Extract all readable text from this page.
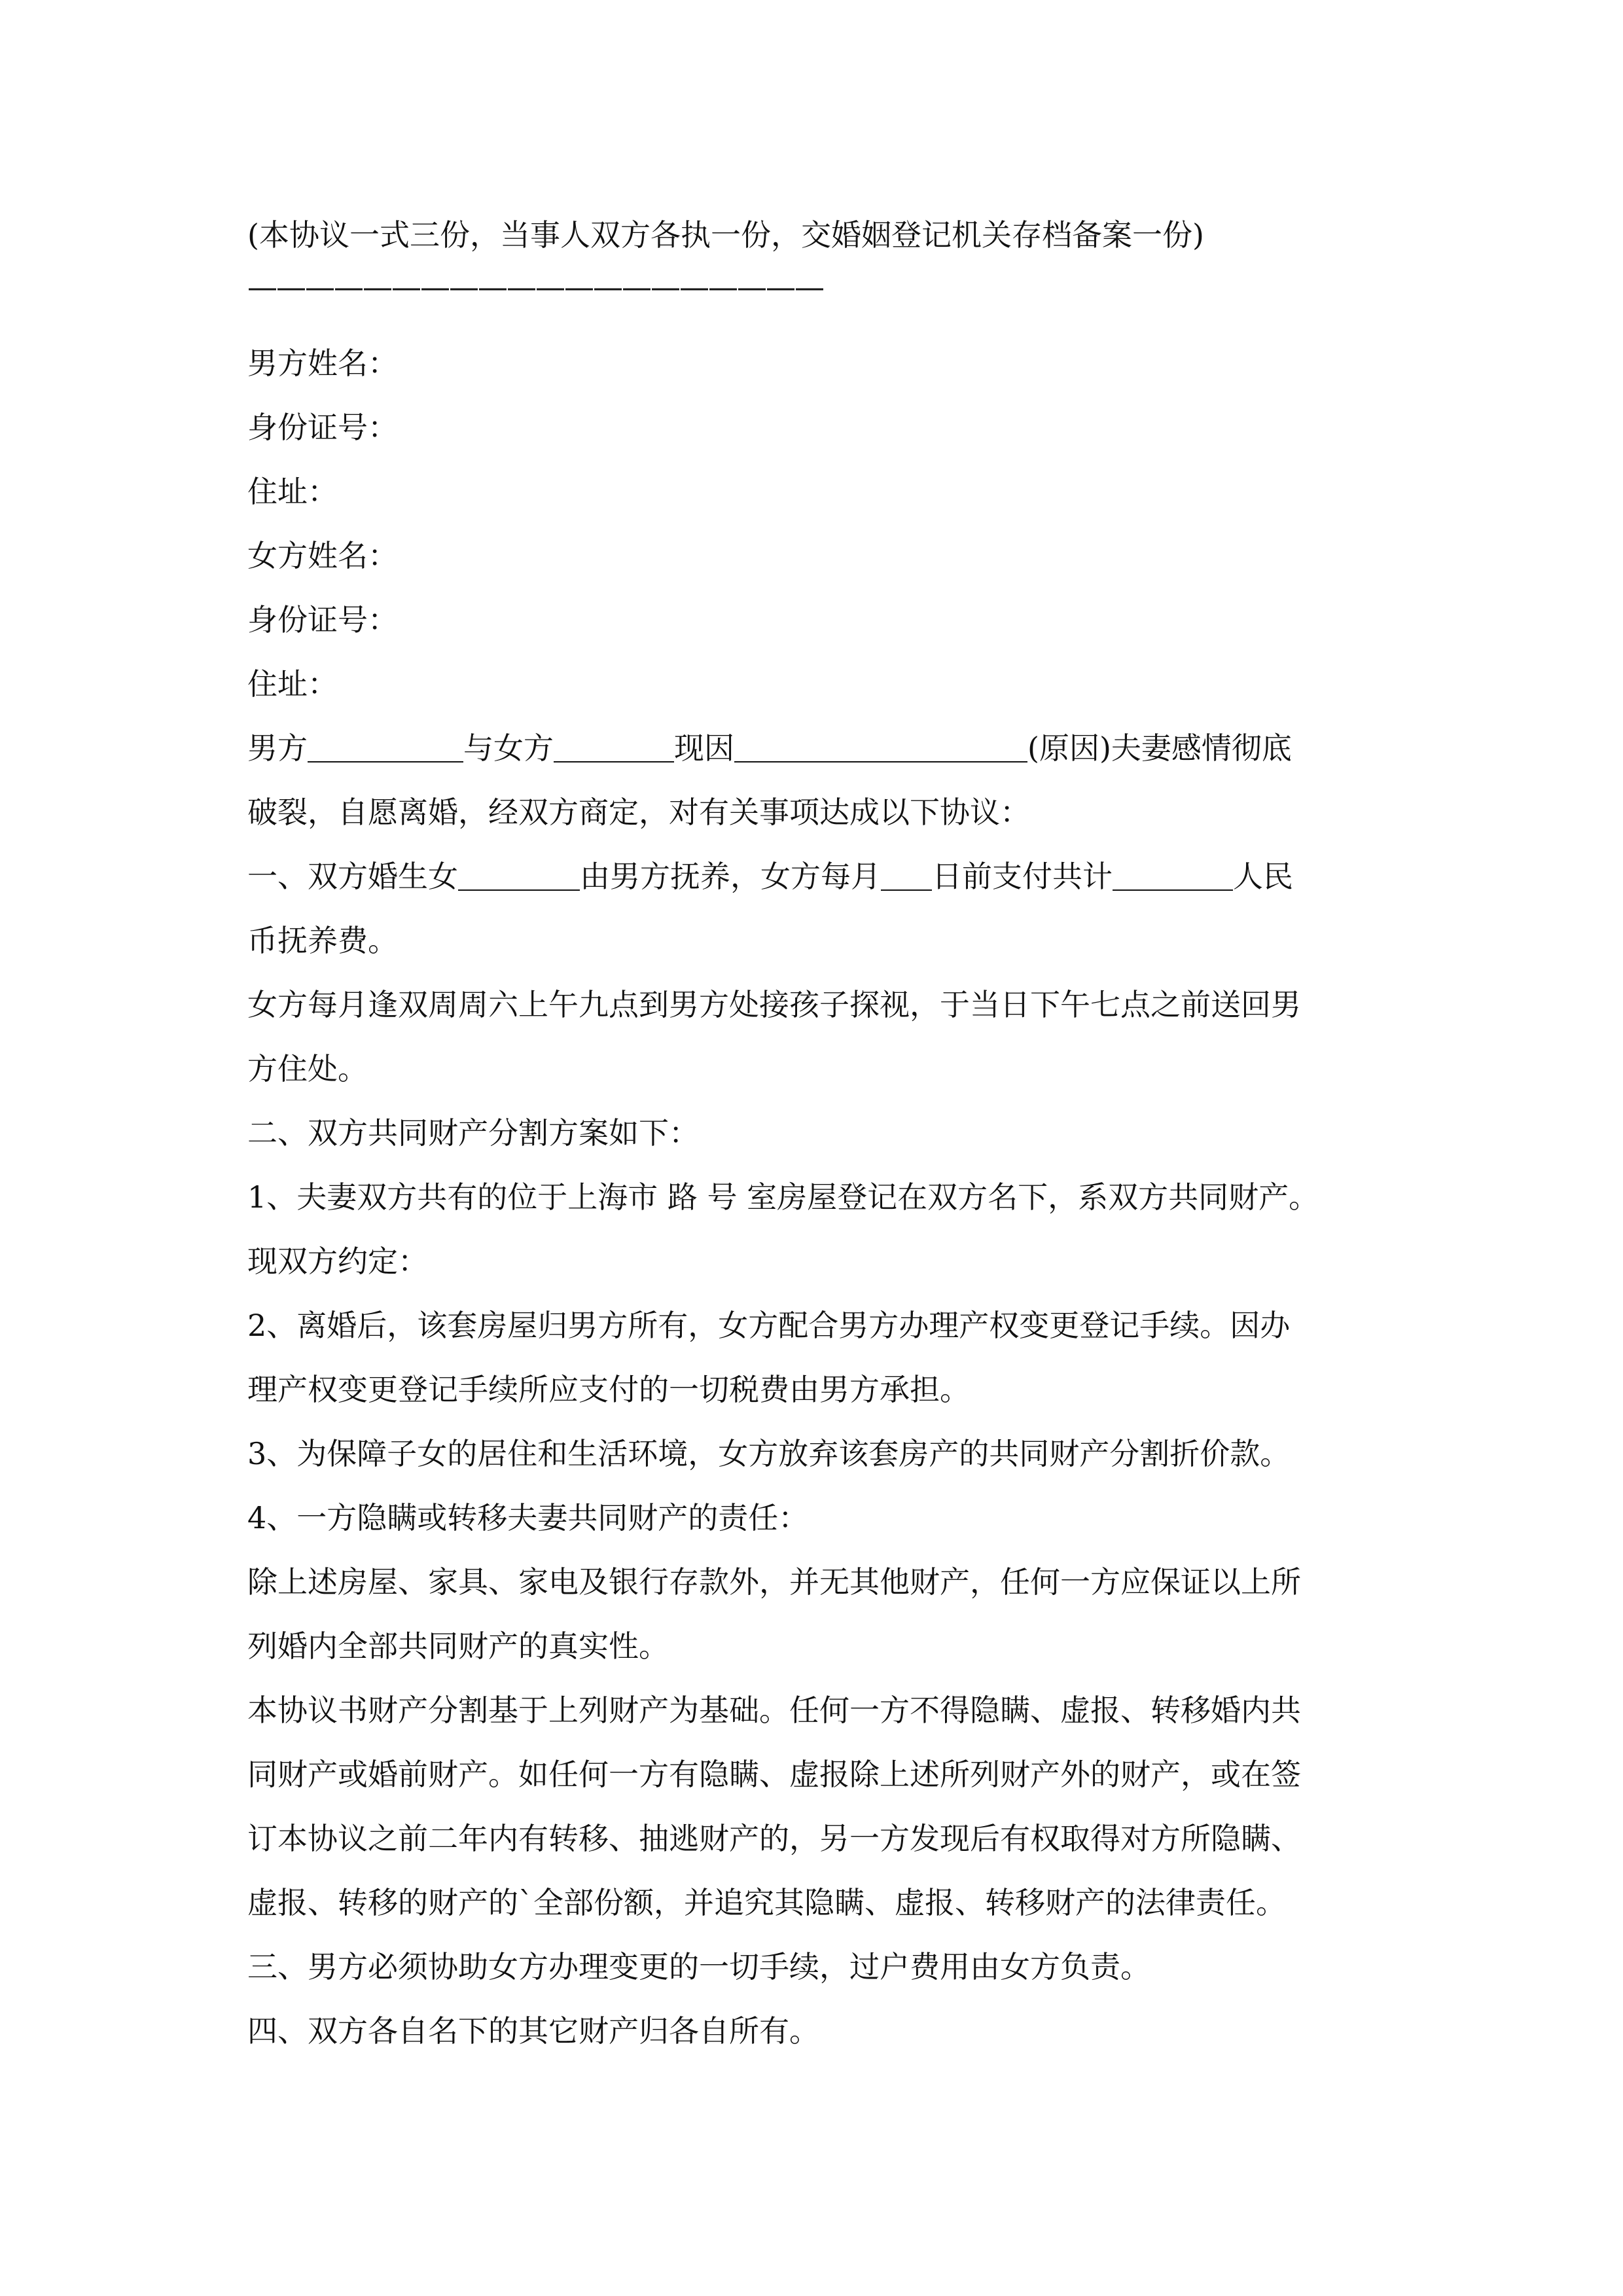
(本协议一式三份，当事人双方各执一份，交婚姻登记机关存档备案一份)
————————————————————
男方姓名：
身份证号：
住址：
女方姓名：
身份证号：
住址：
男方	与女方	现因	(原因)夫妻感情彻底
破裂，自愿离婚，经双方商定，对有关事项达成以下协议：
一、双方婚生女	由男方抚养，女方每月 日前支付共计	人民
币抚养费。
女方每月逢双周周六上午九点到男方处接孩子探视，于当日下午七点之前送回男
方住处。
二、双方共同财产分割方案如下：
1、夫妻双方共有的位于上海市 路 号 室房屋登记在双方名下，系双方共同财产。
现双方约定：
2、离婚后，该套房屋归男方所有，女方配合男方办理产权变更登记手续。因办
理产权变更登记手续所应支付的一切税费由男方承担。
3、为保障子女的居住和生活环境，女方放弃该套房产的共同财产分割折价款。
4、一方隐瞒或转移夫妻共同财产的责任：
除上述房屋、家具、家电及银行存款外，并无其他财产，任何一方应保证以上所
列婚内全部共同财产的真实性。
本协议书财产分割基于上列财产为基础。任何一方不得隐瞒、虚报、转移婚内共
同财产或婚前财产。如任何一方有隐瞒、虚报除上述所列财产外的财产，或在签
订本协议之前二年内有转移、抽逃财产的，另一方发现后有权取得对方所隐瞒、
虚报、转移的财产的`全部份额，并追究其隐瞒、虚报、转移财产的法律责任。
三、男方必须协助女方办理变更的一切手续，过户费用由女方负责。
四、双方各自名下的其它财产归各自所有。
